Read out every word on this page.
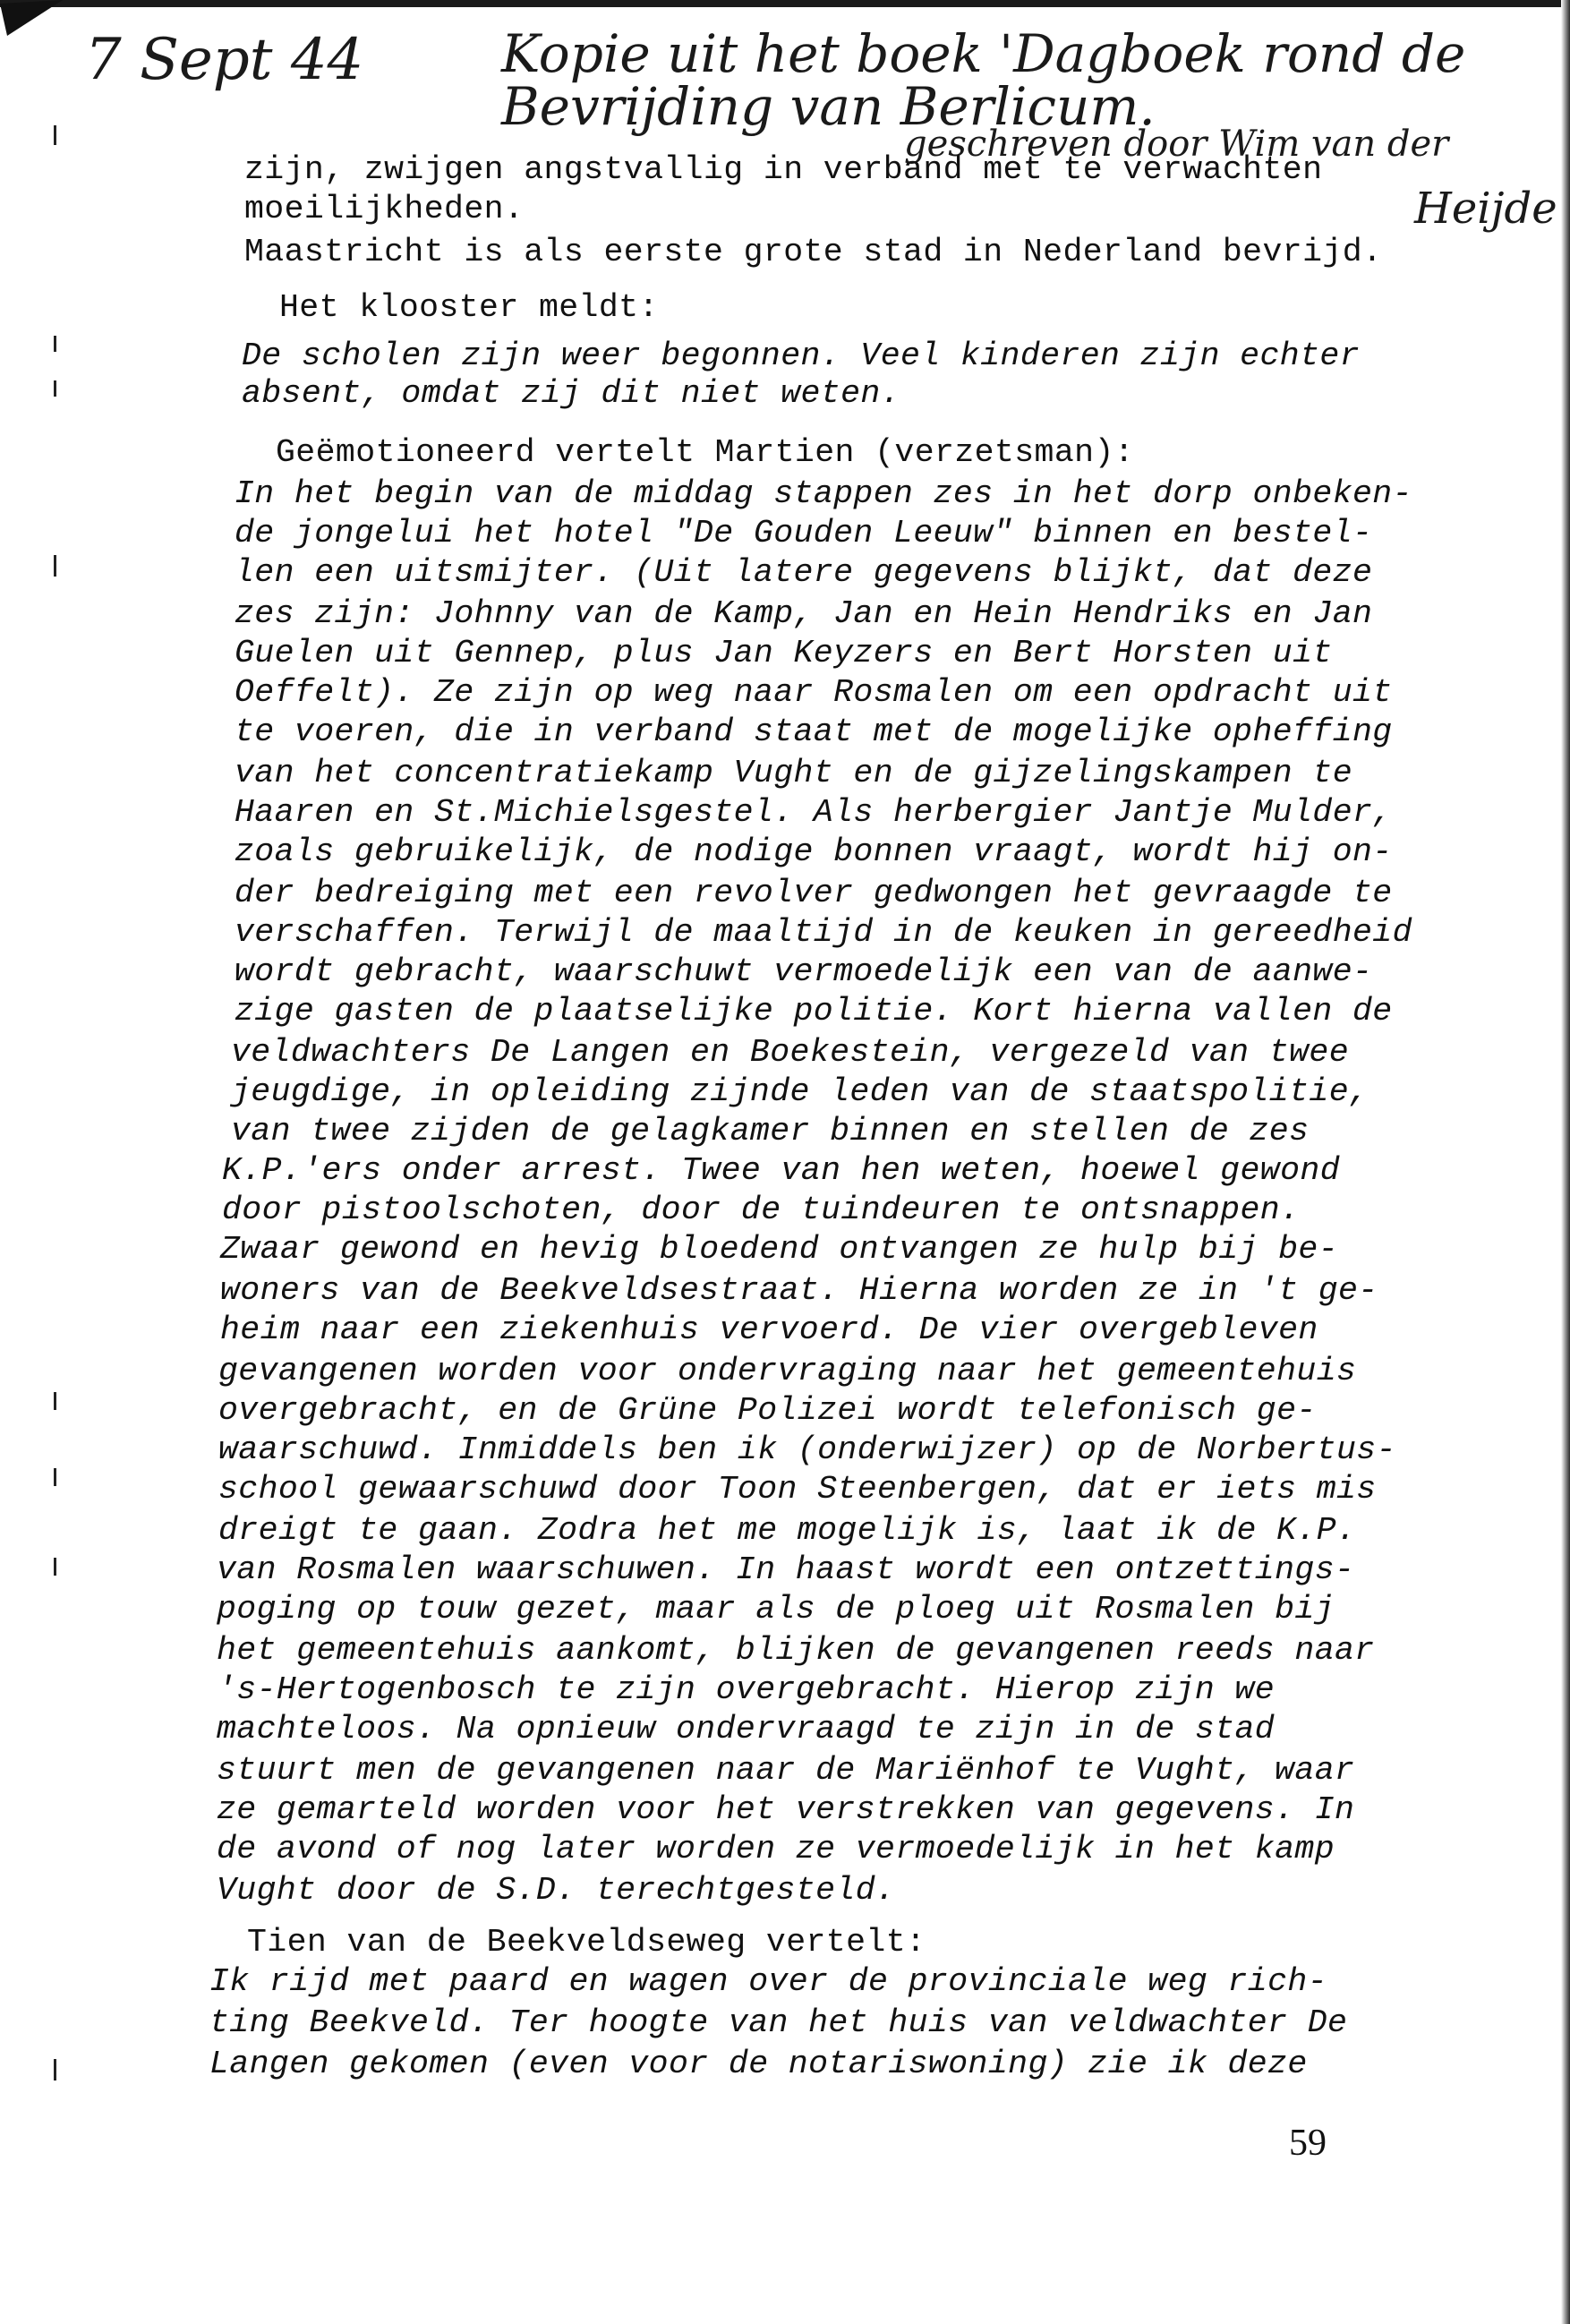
7 Sept 44	Kopie uit het boek 'Dagboek rond de
Bevrijding van Berlicum.
geschreven door Wim van der
Heijde
zijn, zwijgen angstvallig in verband met te verwachten
moeilijkheden.
Maastricht is als eerste grote stad in Nederland bevrijd.
Het klooster meldt:
De scholen zijn weer begonnen. Veel kinderen zijn echter
absent, omdat zij dit niet weten.
Geëmotioneerd vertelt Martien (verzetsman):
In het begin van de middag stappen zes in het dorp onbeken-
de jongelui het hotel "De Gouden Leeuw" binnen en bestel-
len een uitsmijter. (Uit latere gegevens blijkt, dat deze
zes zijn: Johnny van de Kamp, Jan en Hein Hendriks en Jan
Guelen uit Gennep, plus Jan Keyzers en Bert Horsten uit
Oeffelt). Ze zijn op weg naar Rosmalen om een opdracht uit
te voeren, die in verband staat met de mogelijke opheffing
van het concentratiekamp Vught en de gijzelingskampen te
Haaren en St.Michielsgestel. Als herbergier Jantje Mulder,
zoals gebruikelijk, de nodige bonnen vraagt, wordt hij on-
der bedreiging met een revolver gedwongen het gevraagde te
verschaffen. Terwijl de maaltijd in de keuken in gereedheid
wordt gebracht, waarschuwt vermoedelijk een van de aanwe-
zige gasten de plaatselijke politie. Kort hierna vallen de
veldwachters De Langen en Boekestein, vergezeld van twee
jeugdige, in opleiding zijnde leden van de staatspolitie,
van twee zijden de gelagkamer binnen en stellen de zes
K.P.'ers onder arrest. Twee van hen weten, hoewel gewond
door pistoolschoten, door de tuindeuren te ontsnappen.
Zwaar gewond en hevig bloedend ontvangen ze hulp bij be-
woners van de Beekveldsestraat. Hierna worden ze in 't ge-
heim naar een ziekenhuis vervoerd. De vier overgebleven
gevangenen worden voor ondervraging naar het gemeentehuis
overgebracht, en de Grüne Polizei wordt telefonisch ge-
waarschuwd. Inmiddels ben ik (onderwijzer) op de Norbertus-
school gewaarschuwd door Toon Steenbergen, dat er iets mis
dreigt te gaan. Zodra het me mogelijk is, laat ik de K.P.
van Rosmalen waarschuwen. In haast wordt een ontzettings-
poging op touw gezet, maar als de ploeg uit Rosmalen bij
het gemeentehuis aankomt, blijken de gevangenen reeds naar
's-Hertogenbosch te zijn overgebracht. Hierop zijn we
machteloos. Na opnieuw ondervraagd te zijn in de stad
stuurt men de gevangenen naar de Mariënhof te Vught, waar
ze gemarteld worden voor het verstrekken van gegevens. In
de avond of nog later worden ze vermoedelijk in het kamp
Vught door de S.D. terechtgesteld.
Tien van de Beekveldseweg vertelt:
Ik rijd met paard en wagen over de provinciale weg rich-
ting Beekveld. Ter hoogte van het huis van veldwachter De
Langen gekomen (even voor de notariswoning) zie ik deze
59
